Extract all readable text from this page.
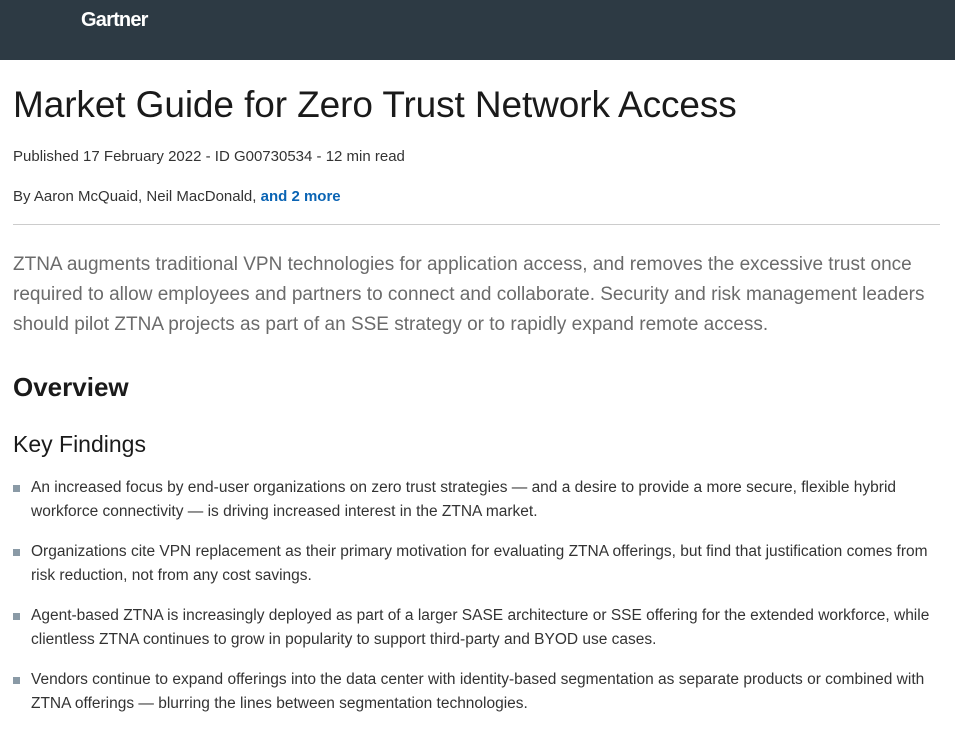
Gartner
Market Guide for Zero Trust Network Access
Published 17 February 2022 - ID G00730534 - 12 min read
By Aaron McQuaid, Neil MacDonald, and 2 more

ZTNA augments traditional VPN technologies for application access, and removes the excessive trust once required to allow employees and partners to connect and collaborate. Security and risk management leaders should pilot ZTNA projects as part of an SSE strategy or to rapidly expand remote access.

Overview
Key Findings
An increased focus by end-user organizations on zero trust strategies — and a desire to provide a more secure, flexible hybrid workforce connectivity — is driving increased interest in the ZTNA market.
Organizations cite VPN replacement as their primary motivation for evaluating ZTNA offerings, but find that justification comes from risk reduction, not from any cost savings.
Agent-based ZTNA is increasingly deployed as part of a larger SASE architecture or SSE offering for the extended workforce, while clientless ZTNA continues to grow in popularity to support third-party and BYOD use cases.
Vendors continue to expand offerings into the data center with identity-based segmentation as separate products or combined with ZTNA offerings — blurring the lines between segmentation technologies.
